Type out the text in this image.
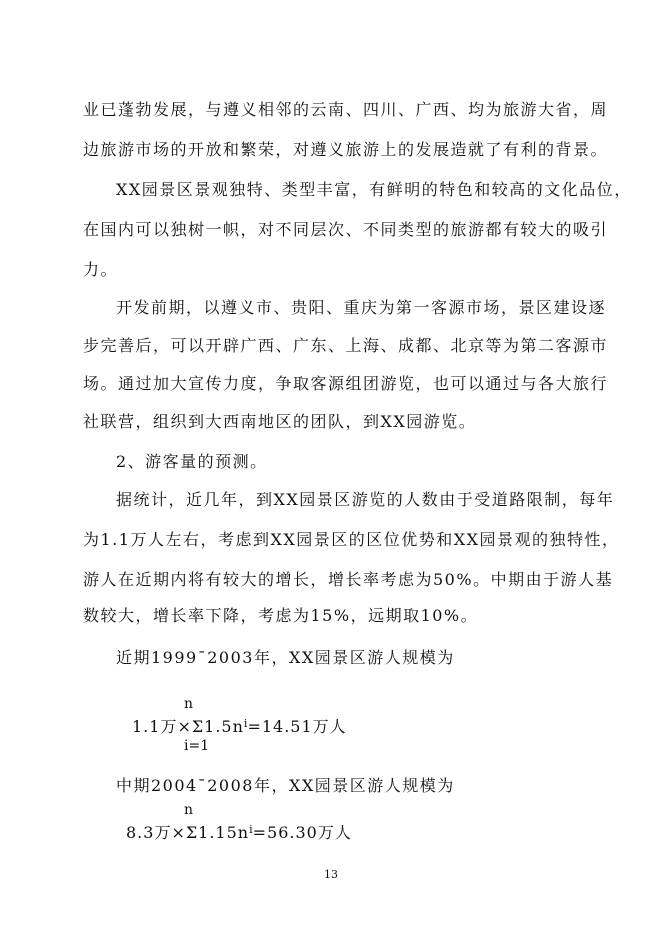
业已蓬勃发展，与遵义相邻的云南、四川、广西、均为旅游大省，周
边旅游市场的开放和繁荣，对遵义旅游上的发展造就了有利的背景。
XX园景区景观独特、类型丰富，有鲜明的特色和较高的文化品位，
在国内可以独树一帜，对不同层次、不同类型的旅游都有较大的吸引
力。
开发前期，以遵义市、贵阳、重庆为第一客源市场，景区建设逐
步完善后，可以开辟广西、广东、上海、成都、北京等为第二客源市
场。通过加大宣传力度，争取客源组团游览，也可以通过与各大旅行
社联营，组织到大西南地区的团队，到XX园游览。
2、游客量的预测。
据统计，近几年，到XX园景区游览的人数由于受道路限制，每年
为1.1万人左右，考虑到XX园景区的区位优势和XX园景观的独特性，
游人在近期内将有较大的增长，增长率考虑为50%。中期由于游人基
数较大，增长率下降，考虑为15%，远期取10%。
近期1999¯2003年，XX园景区游人规模为
n
1.1万$\times\Sigma 1.5n^i=14.51$万人
i=1
中期2004¯2008年，XX园景区游人规模为
n
8.3万$\times\Sigma 1.15n^i=56.30$万人
13
